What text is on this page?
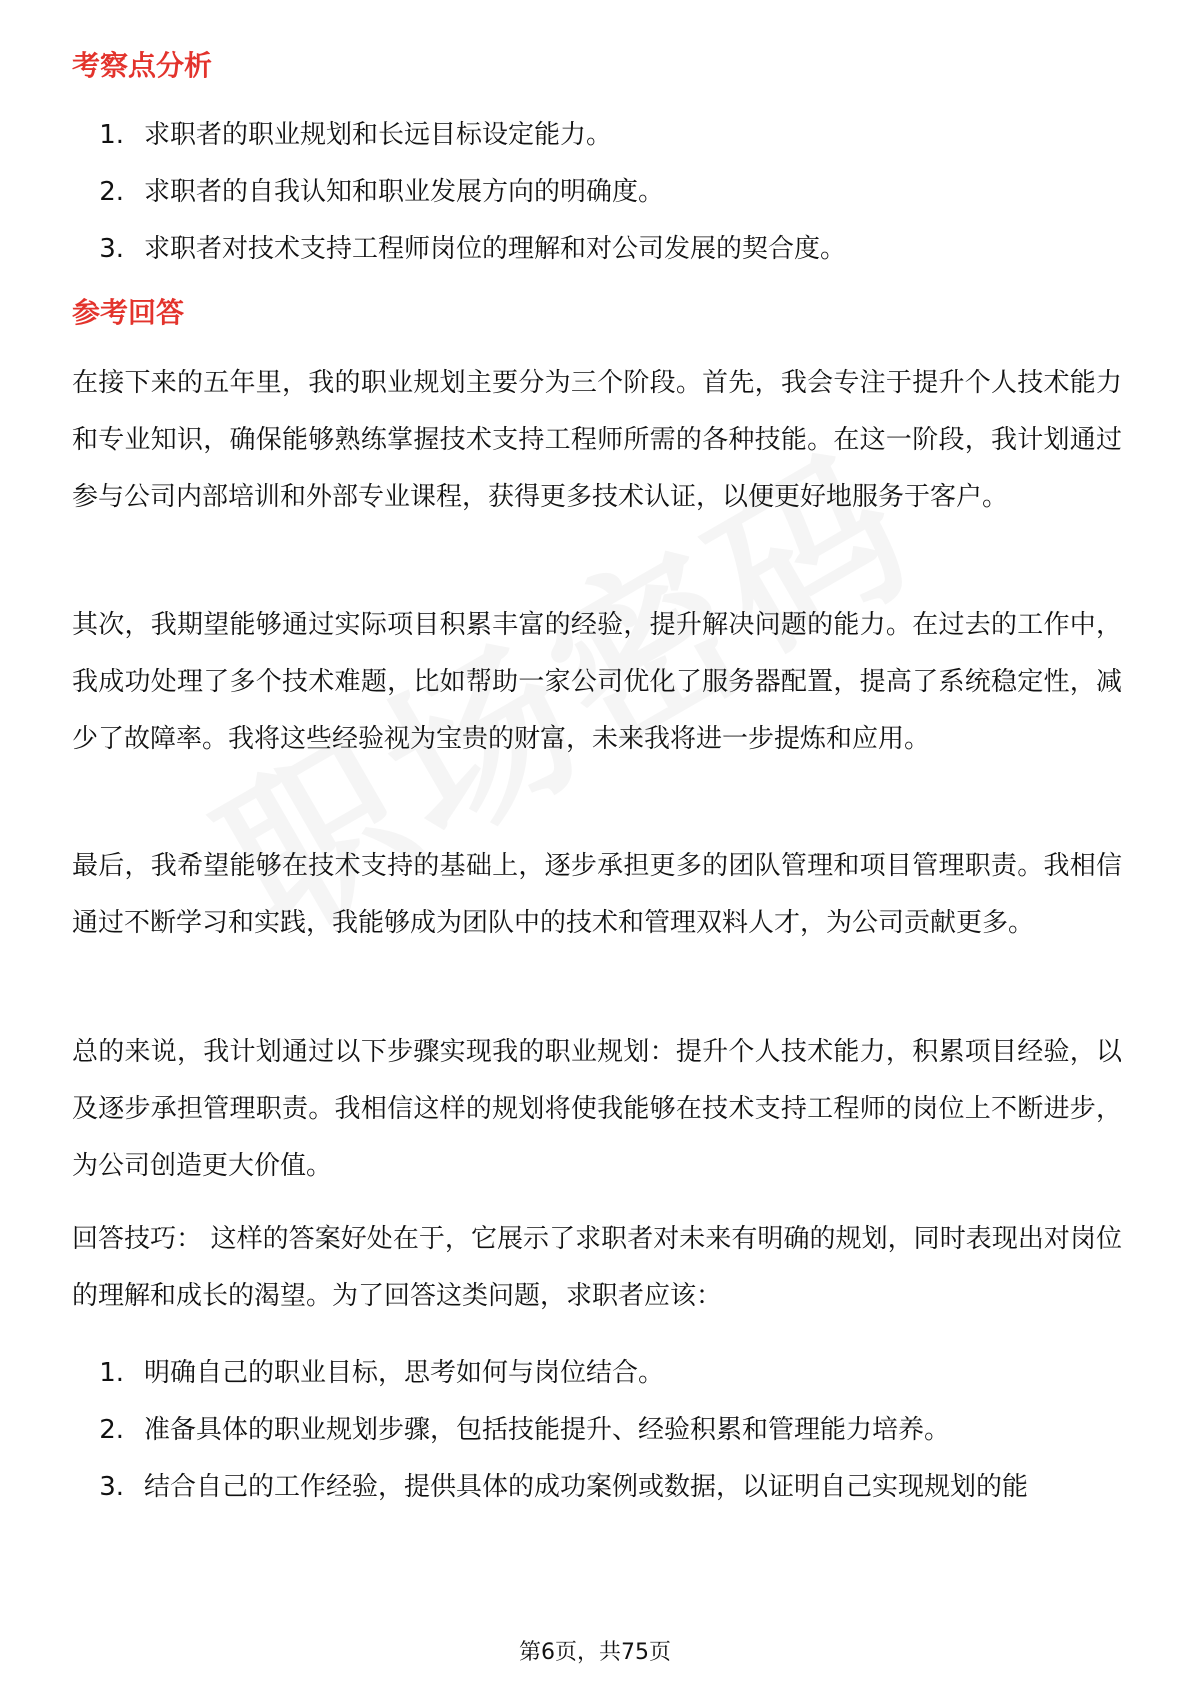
考察点分析
1. 求职者的职业规划和长远目标设定能力。
2. 求职者的自我认知和职业发展方向的明确度。
3. 求职者对技术支持工程师岗位的理解和对公司发展的契合度。
参考回答

在接下来的五年里，我的职业规划主要分为三个阶段。首先，我会专注于提升个人技术能力和专业知识，确保能够熟练掌握技术支持工程师所需的各种技能。在这一阶段，我计划通过参与公司内部培训和外部专业课程，获得更多技术认证，以便更好地服务于客户。

其次，我期望能够通过实际项目积累丰富的经验，提升解决问题的能力。在过去的工作中，我成功处理了多个技术难题，比如帮助一家公司优化了服务器配置，提高了系统稳定性，减少了故障率。我将这些经验视为宝贵的财富，未来我将进一步提炼和应用。

最后，我希望能够在技术支持的基础上，逐步承担更多的团队管理和项目管理职责。我相信通过不断学习和实践，我能够成为团队中的技术和管理双料人才，为公司贡献更多。

总的来说，我计划通过以下步骤实现我的职业规划：提升个人技术能力，积累项目经验，以及逐步承担管理职责。我相信这样的规划将使我能够在技术支持工程师的岗位上不断进步，为公司创造更大价值。

回答技巧： 这样的答案好处在于，它展示了求职者对未来有明确的规划，同时表现出对岗位的理解和成长的渴望。为了回答这类问题，求职者应该：

1. 明确自己的职业目标，思考如何与岗位结合。
2. 准备具体的职业规划步骤，包括技能提升、经验积累和管理能力培养。
3. 结合自己的工作经验，提供具体的成功案例或数据，以证明自己实现规划的能
第6页，共75页
